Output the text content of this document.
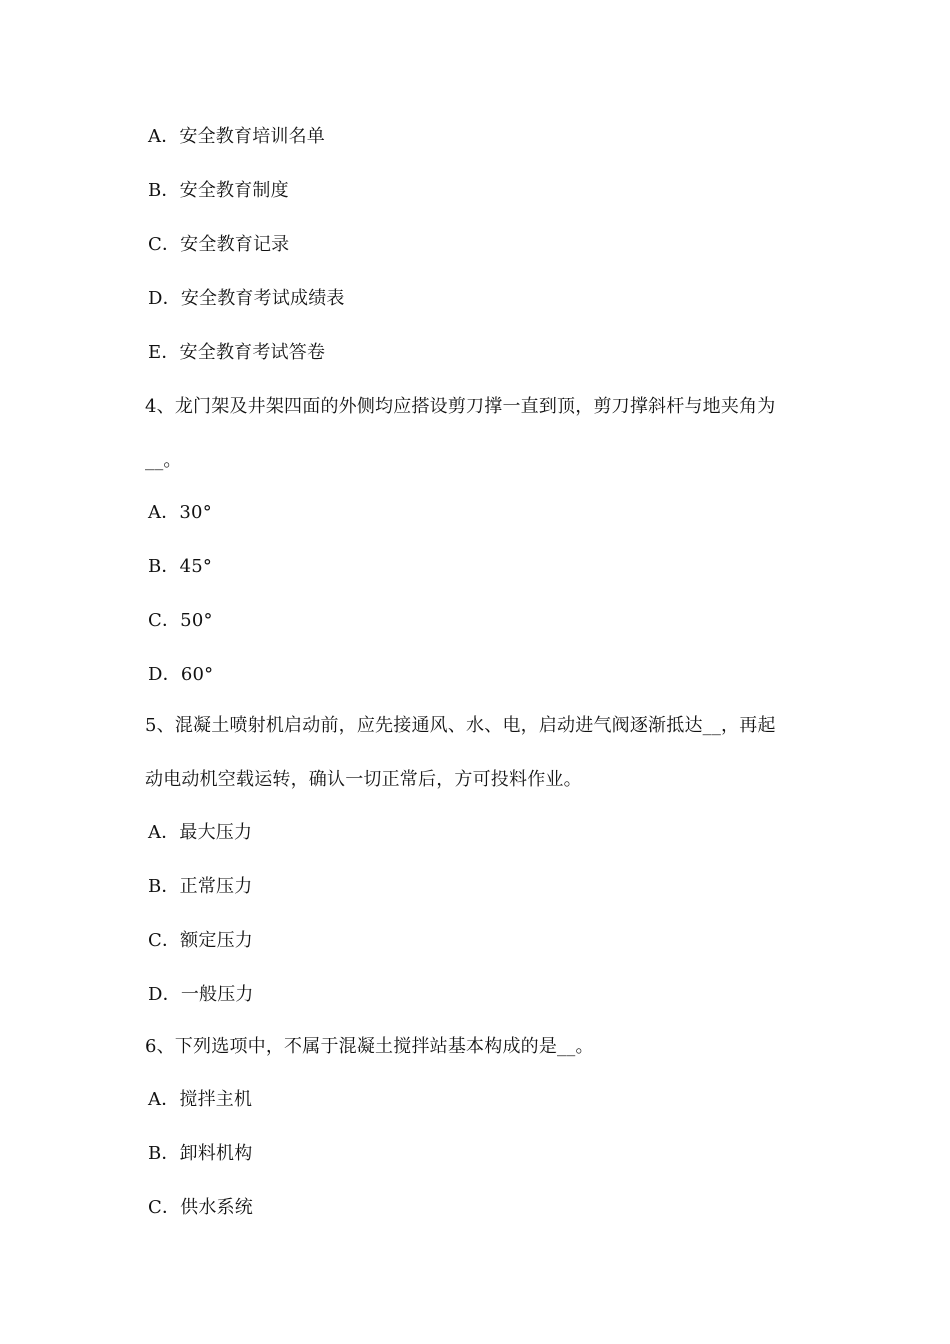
A．安全教育培训名单
B．安全教育制度
C．安全教育记录
D．安全教育考试成绩表
E．安全教育考试答卷
4、龙门架及井架四面的外侧均应搭设剪刀撑一直到顶，剪刀撑斜杆与地夹角为
__。
A．30°
B．45°
C．50°
D．60°
5、混凝土喷射机启动前，应先接通风、水、电，启动进气阀逐渐抵达__，再起
动电动机空载运转，确认一切正常后，方可投料作业。
A．最大压力
B．正常压力
C．额定压力
D．一般压力
6、下列选项中，不属于混凝土搅拌站基本构成的是__。
A．搅拌主机
B．卸料机构
C．供水系统
